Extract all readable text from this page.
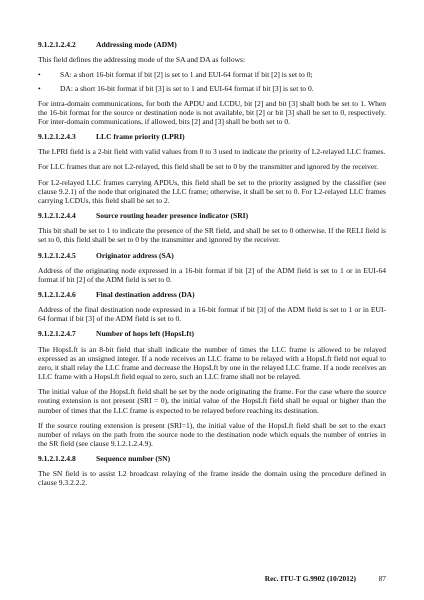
9.1.2.1.2.4.2	Addressing mode (ADM)
This field defines the addressing mode of the SA and DA as follows:
•	SA: a short 16-bit format if bit [2] is set to 1 and EUI-64 format if bit [2] is set to 0;
•	DA: a short 16-bit format if bit [3] is set to 1 and EUI-64 format if bit [3] is set to 0.
For intra-domain communications, for both the APDU and LCDU, bit [2] and bit [3] shall both be set to 1. When the 16-bit format for the source or destination node is not available, bit [2] or bit [3] shall be set to 0, respectively. For inter-domain communications, if allowed, bits [2] and [3] shall be both set to 0.
9.1.2.1.2.4.3	LLC frame priority (LPRI)
The LPRI field is a 2-bit field with valid values from 0 to 3 used to indicate the priority of L2-relayed LLC frames.
For LLC frames that are not L2-relayed, this field shall be set to 0 by the transmitter and ignored by the receiver.
For L2-relayed LLC frames carrying APDUs, this field shall be set to the priority assigned by the classifier (see clause 9.2.1) of the node that originated the LLC frame; otherwise, it shall be set to 0. For L2-relayed LLC frames carrying LCDUs, this field shall be set to 2.
9.1.2.1.2.4.4	Source routing header presence indicator (SRI)
This bit shall be set to 1 to indicate the presence of the SR field, and shall be set to 0 otherwise. If the RELI field is set to 0, this field shall be set to 0 by the transmitter and ignored by the receiver.
9.1.2.1.2.4.5	Originator address (SA)
Address of the originating node expressed in a 16-bit format if bit [2] of the ADM field is set to 1 or in EUI-64 format if bit [2] of the ADM field is set to 0.
9.1.2.1.2.4.6	Final destination address (DA)
Address of the final destination node expressed in a 16-bit format if bit [3] of the ADM field is set to 1 or in EUI-64 format if bit [3] of the ADM field is set to 0.
9.1.2.1.2.4.7	Number of hops left (HopsLft)
The HopsLft is an 8-bit field that shall indicate the number of times the LLC frame is allowed to be relayed expressed as an unsigned integer. If a node receives an LLC frame to be relayed with a HopsLft field not equal to zero, it shall relay the LLC frame and decrease the HopsLft by one in the relayed LLC frame. If a node receives an LLC frame with a HopsLft field equal to zero, such an LLC frame shall not be relayed.
The initial value of the HopsLft field shall be set by the node originating the frame. For the case where the source routing extension is not present (SRI = 0), the initial value of the HopsLft field shall be equal or higher than the number of times that the LLC frame is expected to be relayed before reaching its destination.
If the source routing extension is present (SRI=1), the initial value of the HopsLft field shall be set to the exact number of relays on the path from the source node to the destination node which equals the number of entries in the SR field (see clause 9.1.2.1.2.4.9).
9.1.2.1.2.4.8	Sequence number (SN)
The SN field is to assist L2 broadcast relaying of the frame inside the domain using the procedure defined in clause 9.3.2.2.2.
Rec. ITU-T G.9902 (10/2012)	87
